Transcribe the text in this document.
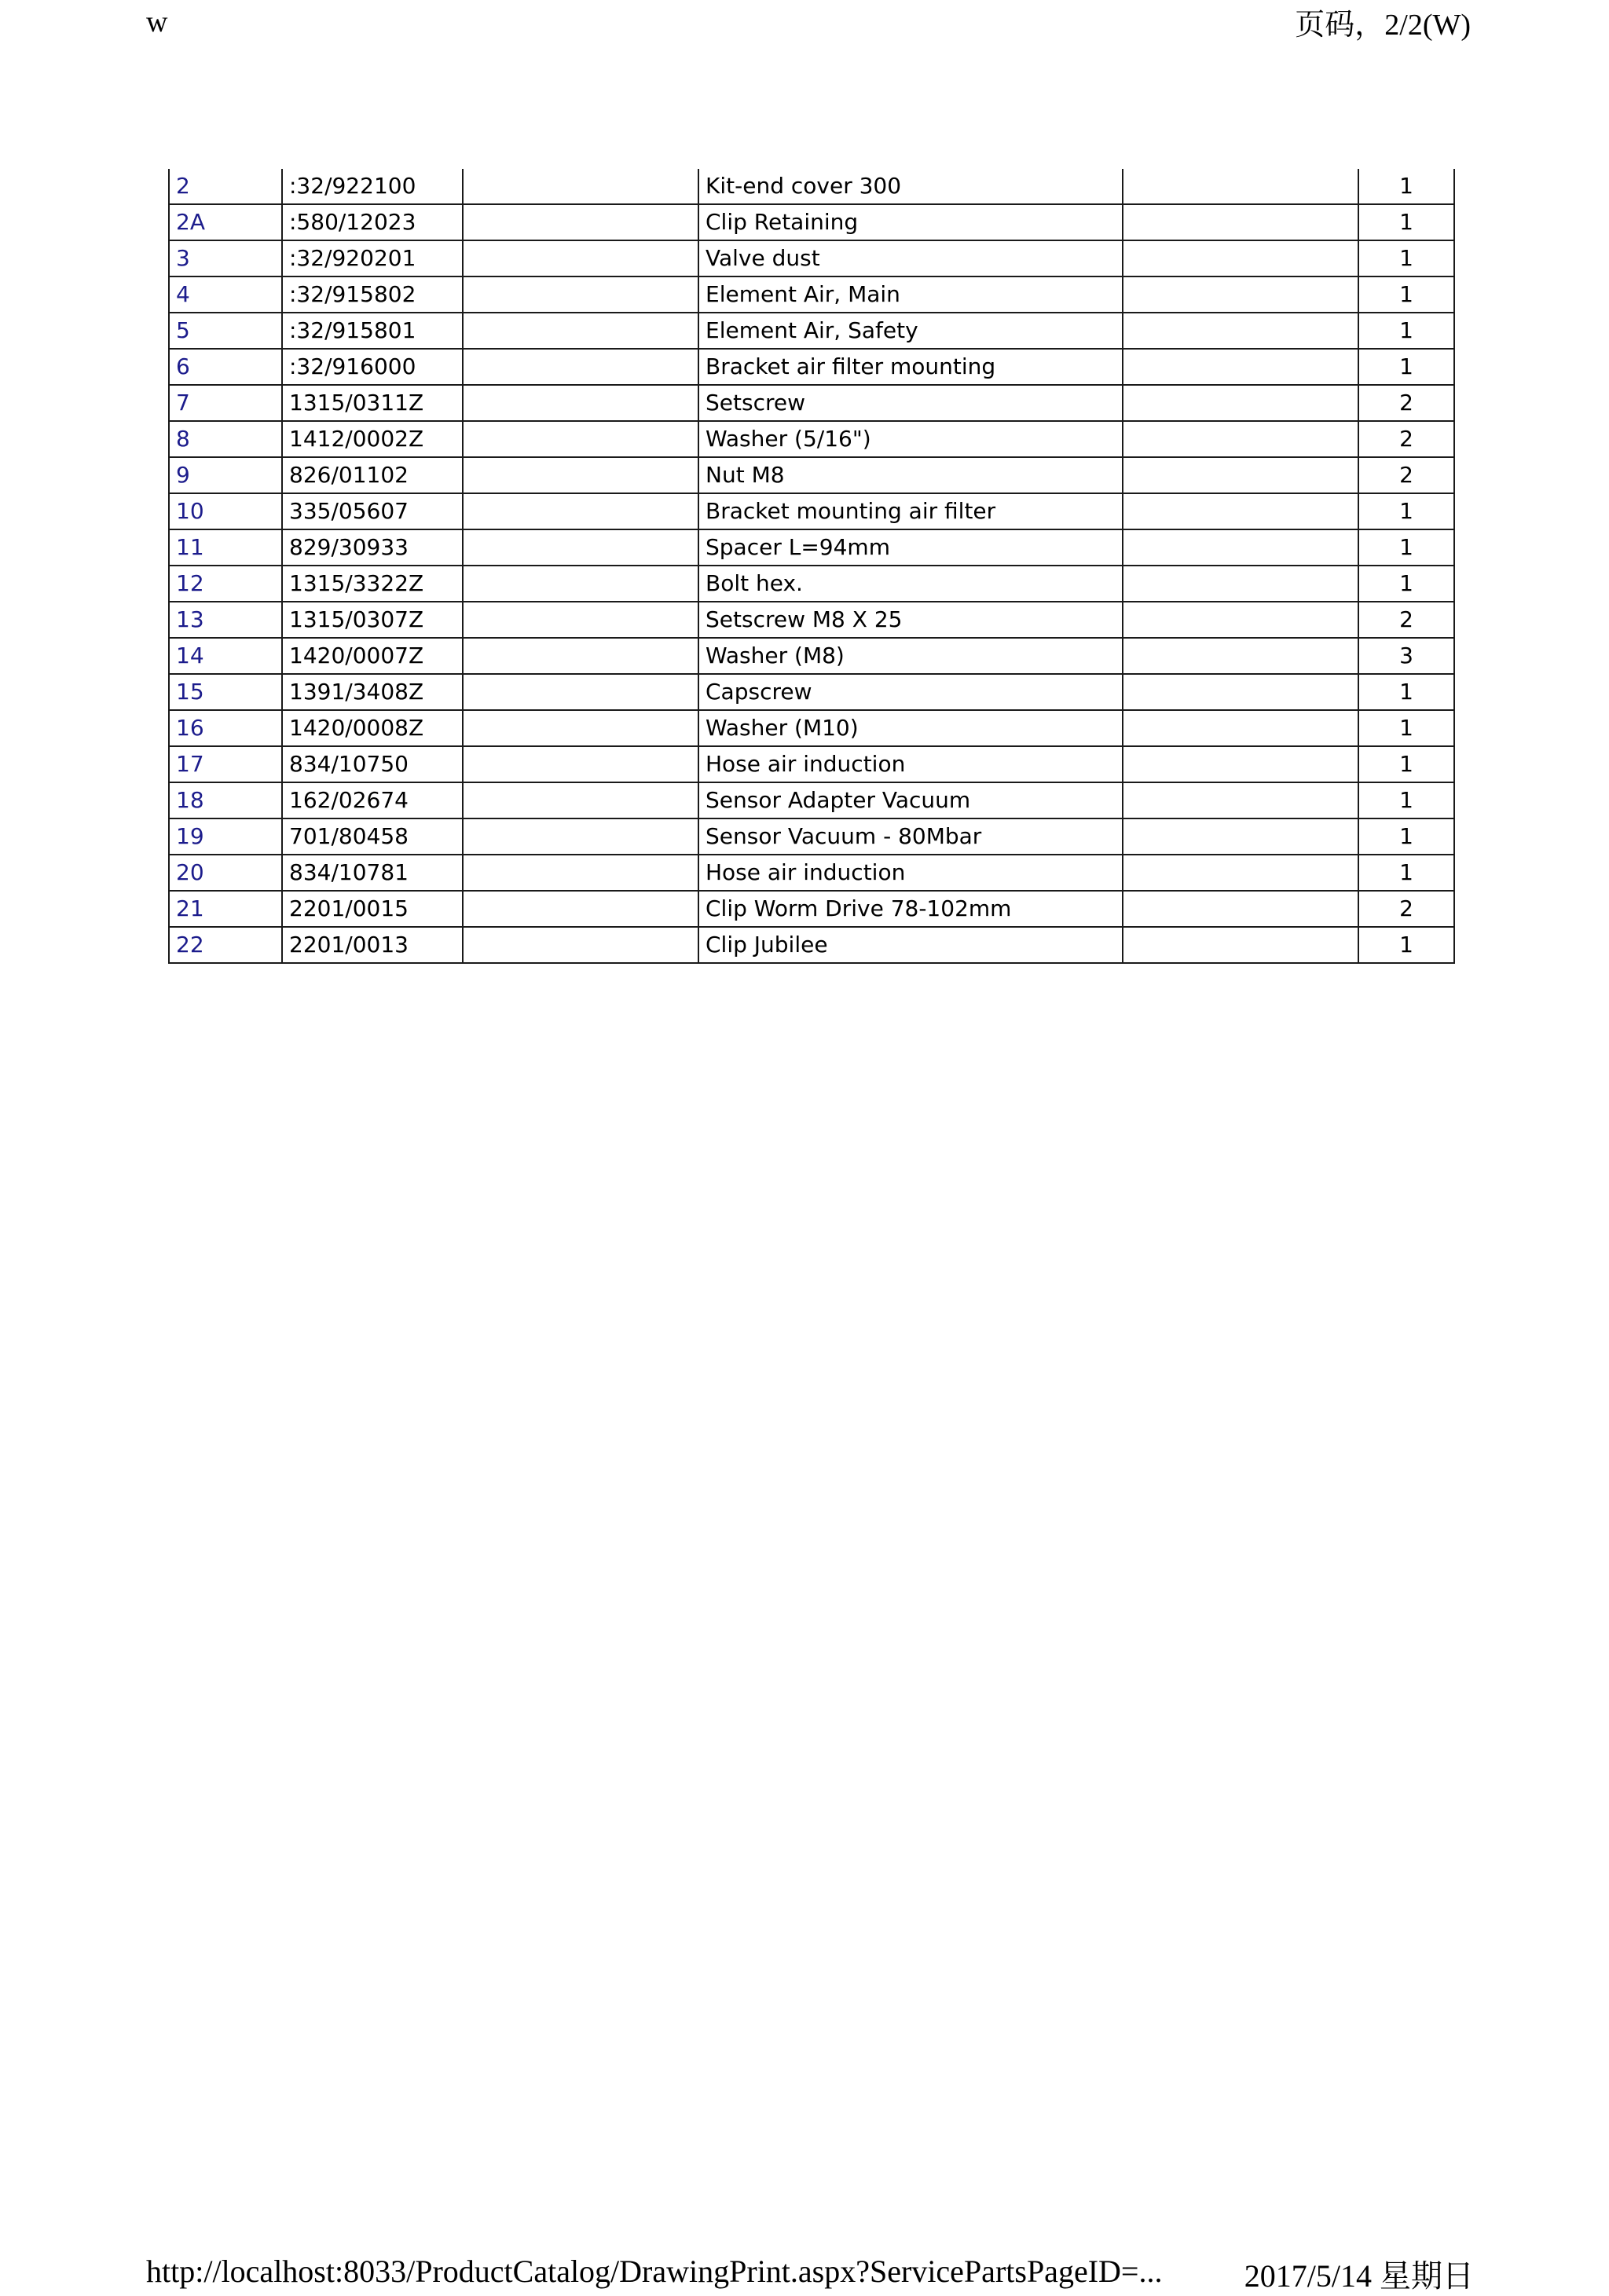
w	页码，2/2(W)
2	:32/922100		Kit-end cover 300		1
2A	:580/12023		Clip Retaining		1
3	:32/920201		Valve dust		1
4	:32/915802		Element Air, Main		1
5	:32/915801		Element Air, Safety		1
6	:32/916000		Bracket air filter mounting		1
7	1315/0311Z		Setscrew		2
8	1412/0002Z		Washer (5/16")		2
9	826/01102		Nut M8		2
10	335/05607		Bracket mounting air filter		1
11	829/30933		Spacer L=94mm		1
12	1315/3322Z		Bolt hex.		1
13	1315/0307Z		Setscrew M8 X 25		2
14	1420/0007Z		Washer (M8)		3
15	1391/3408Z		Capscrew		1
16	1420/0008Z		Washer (M10)		1
17	834/10750		Hose air induction		1
18	162/02674		Sensor Adapter Vacuum		1
19	701/80458		Sensor Vacuum - 80Mbar		1
20	834/10781		Hose air induction		1
21	2201/0015		Clip Worm Drive 78-102mm		2
22	2201/0013		Clip Jubilee		1
http://localhost:8033/ProductCatalog/DrawingPrint.aspx?ServicePartsPageID=...	2017/5/14 星期日
